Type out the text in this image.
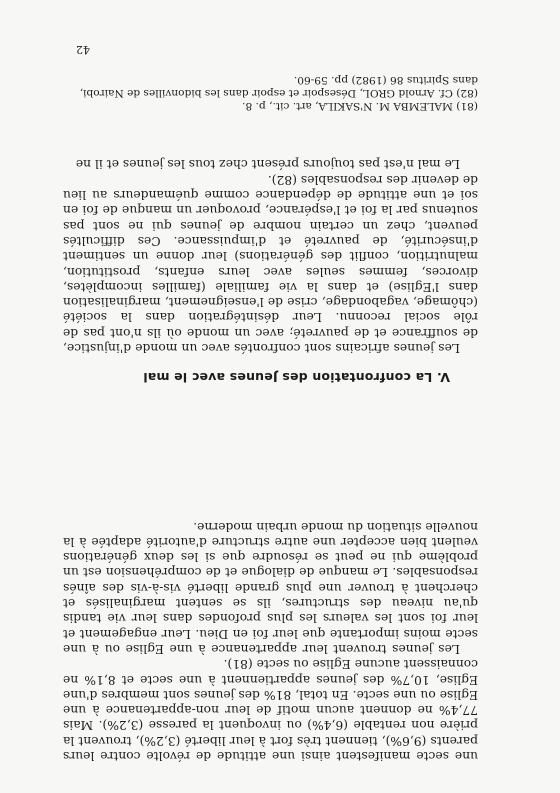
une secte manifestent ainsi une attitude de révolte contre leurs parents (9,6%), tiennent très fort à leur liberté (3,2%), trouvent la prière non rentable (6,4%) ou invoquent la paresse (3,2%). Mais 77,4% ne donnent aucun motif de leur non-appartenance à une Eglise ou une secte. En total, 81% des jeunes sont membres d'une Eglise, 10,7% des jeunes appartiennent à une secte et 8,1% ne connaissent aucune Eglise ou secte (81).

Les jeunes trouvent leur appartenance à une Eglise ou à une secte moins importante que leur foi en Dieu. Leur engagement et leur foi sont les valeurs les plus profondes dans leur vie tandis qu'au niveau des structures, ils se sentent marginalisés et cherchent à trouver une plus grande liberté vis-à-vis des aînés responsables. Le manque de dialogue et de compréhension est un problème qui ne peut se résoudre que si les deux générations veulent bien accepter une autre structure d'autorité adaptée à la nouvelle situation du monde urbain moderne.

V. La confrontation des Jeunes avec le mal

Les jeunes africains sont confrontés avec un monde d'injustice, de souffrance et de pauvreté; avec un monde où ils n'ont pas de rôle social reconnu. Leur désintégration dans la société (chômage, vagabondage, crise de l'enseignement, marginalisation dans l'Eglise) et dans la vie familiale (familles incomplètes, divorces, femmes seules avec leurs enfants, prostitution, malnutrition, conflit des générations) leur donne un sentiment d'insécurité, de pauvreté et d'impuissance. Ces difficultés peuvent, chez un certain nombre de jeunes qui ne sont pas soutenus par la foi et l'espérance, provoquer un manque de foi en soi et une attitude de dépendance comme quémandeurs au lieu de devenir des responsables (82).

Le mal n'est pas toujours présent chez tous les jeunes et il ne

(81) MALEMBA M. N'SAKILA, art. cit., p. 8.
(82) Cf. Arnold GROL, Désespoir et espoir dans les bidonvilles de Nairobi, dans Spiritus 86 (1982) pp. 59-60.
42
